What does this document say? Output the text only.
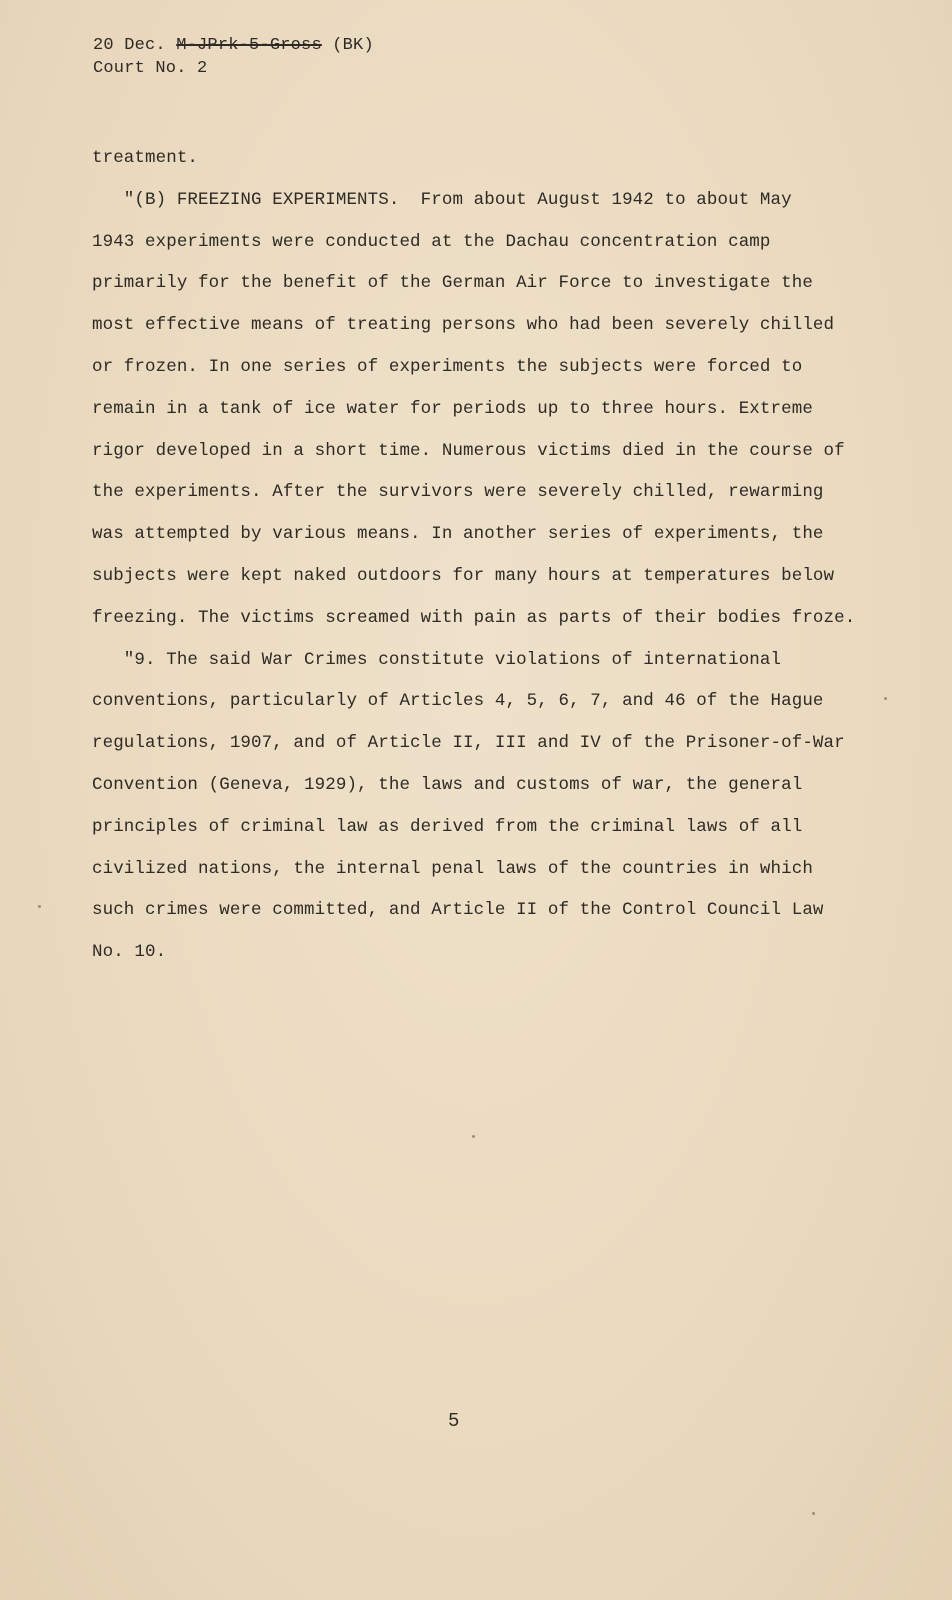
20 Dec. M-JPrk-5-Gross (BK)
Court No. 2
treatment.
"(B) FREEZING EXPERIMENTS.  From about August 1942 to about May
1943 experiments were conducted at the Dachau concentration camp
primarily for the benefit of the German Air Force to investigate the
most effective means of treating persons who had been severely chilled
or frozen. In one series of experiments the subjects were forced to
remain in a tank of ice water for periods up to three hours. Extreme
rigor developed in a short time. Numerous victims died in the course of
the experiments. After the survivors were severely chilled, rewarming
was attempted by various means. In another series of experiments, the
subjects were kept naked outdoors for many hours at temperatures below
freezing. The victims screamed with pain as parts of their bodies froze.
"9. The said War Crimes constitute violations of international
conventions, particularly of Articles 4, 5, 6, 7, and 46 of the Hague
regulations, 1907, and of Article II, III and IV of the Prisoner-of-War
Convention (Geneva, 1929), the laws and customs of war, the general
principles of criminal law as derived from the criminal laws of all
civilized nations, the internal penal laws of the countries in which
such crimes were committed, and Article II of the Control Council Law
No. 10.
5
